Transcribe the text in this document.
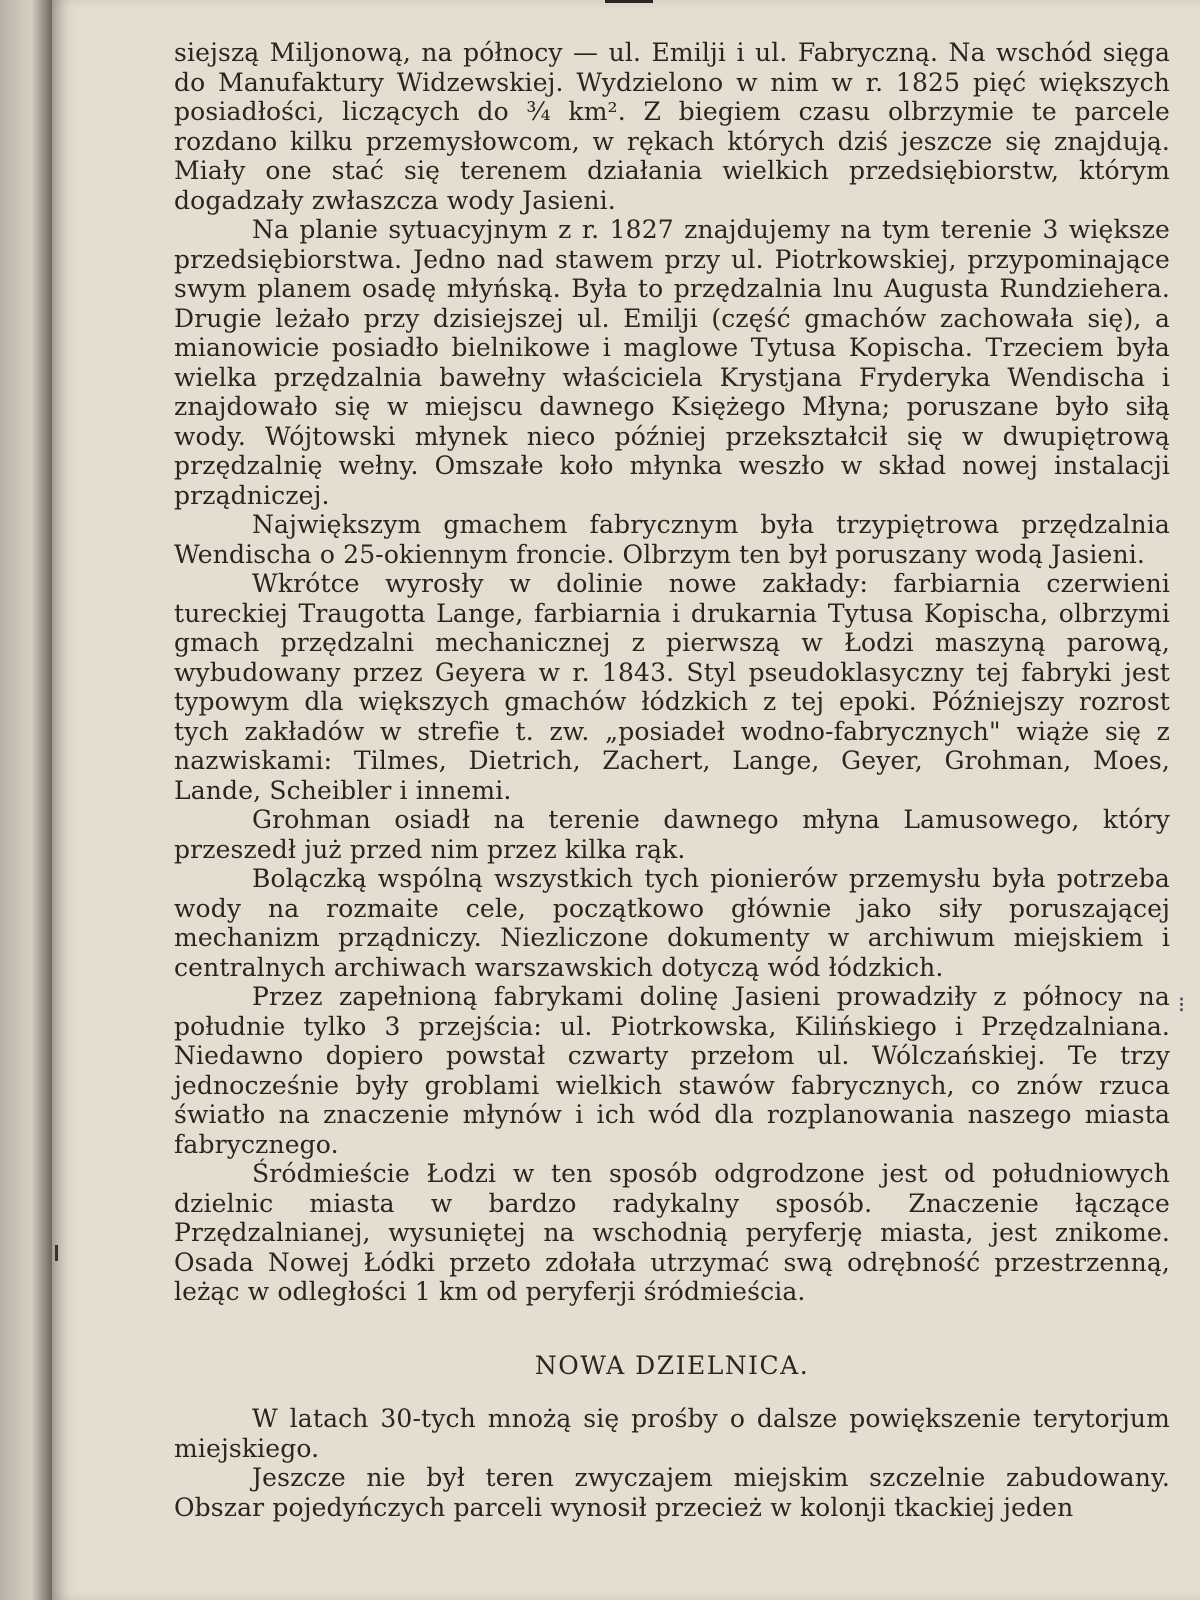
⁝

siejszą Miljonową, na północy — ul. Emilji i ul. Fabryczną. Na wschód sięga do Manufaktury Widzewskiej. Wydzielono w nim w r. 1825 pięć większych posiadłości, liczących do ¾ km². Z biegiem czasu olbrzymie te parcele rozdano kilku przemysłowcom, w rękach których dziś jeszcze się znajdują. Miały one stać się terenem działania wielkich przedsiębiorstw, którym dogadzały zwłaszcza wody Jasieni.

Na planie sytuacyjnym z r. 1827 znajdujemy na tym terenie 3 większe przedsiębiorstwa. Jedno nad stawem przy ul. Piotrkowskiej, przypominające swym planem osadę młyńską. Była to przędzalnia lnu Augusta Rundziehera. Drugie leżało przy dzisiejszej ul. Emilji (część gmachów zachowała się), a mianowicie posiadło bielnikowe i maglowe Tytusa Kopischa. Trzeciem była wielka przędzalnia bawełny właściciela Krystjana Fryderyka Wendischa i znajdowało się w miejscu dawnego Księżego Młyna; poruszane było siłą wody. Wójtowski młynek nieco później przekształcił się w dwupiętrową przędzalnię wełny. Omszałe koło młynka weszło w skład nowej instalacji prządniczej.

Największym gmachem fabrycznym była trzypiętrowa przędzalnia Wendischa o 25-okiennym froncie. Olbrzym ten był poruszany wodą Jasieni.

Wkrótce wyrosły w dolinie nowe zakłady: farbiarnia czerwieni tureckiej Traugotta Lange, farbiarnia i drukarnia Tytusa Kopischa, olbrzymi gmach przędzalni mechanicznej z pierwszą w Łodzi maszyną parową, wybudowany przez Geyera w r. 1843. Styl pseudoklasyczny tej fabryki jest typowym dla większych gmachów łódzkich z tej epoki. Późniejszy rozrost tych zakładów w strefie t. zw. „posiadeł wodno-fabrycznych" wiąże się z nazwiskami: Tilmes, Dietrich, Zachert, Lange, Geyer, Grohman, Moes, Lande, Scheibler i innemi.

Grohman osiadł na terenie dawnego młyna Lamusowego, który przeszedł już przed nim przez kilka rąk.

Bolączką wspólną wszystkich tych pionierów przemysłu była potrzeba wody na rozmaite cele, początkowo głównie jako siły poruszającej mechanizm prządniczy. Niezliczone dokumenty w archiwum miejskiem i centralnych archiwach warszawskich dotyczą wód łódzkich.

Przez zapełnioną fabrykami dolinę Jasieni prowadziły z północy na południe tylko 3 przejścia: ul. Piotrkowska, Kilińskiego i Przędzalniana. Niedawno dopiero powstał czwarty przełom ul. Wólczańskiej. Te trzy jednocześnie były groblami wielkich stawów fabrycznych, co znów rzuca światło na znaczenie młynów i ich wód dla rozplanowania naszego miasta fabrycznego.

Śródmieście Łodzi w ten sposób odgrodzone jest od południowych dzielnic miasta w bardzo radykalny sposób. Znaczenie łączące Przędzalnianej, wysuniętej na wschodnią peryferję miasta, jest znikome. Osada Nowej Łódki przeto zdołała utrzymać swą odrębność przestrzenną, leżąc w odległości 1 km od peryferji śródmieścia.

NOWA DZIELNICA.

W latach 30-tych mnożą się prośby o dalsze powiększenie terytorjum miejskiego.

Jeszcze nie był teren zwyczajem miejskim szczelnie zabudowany. Obszar pojedyńczych parceli wynosił przecież w kolonji tkackiej jeden
